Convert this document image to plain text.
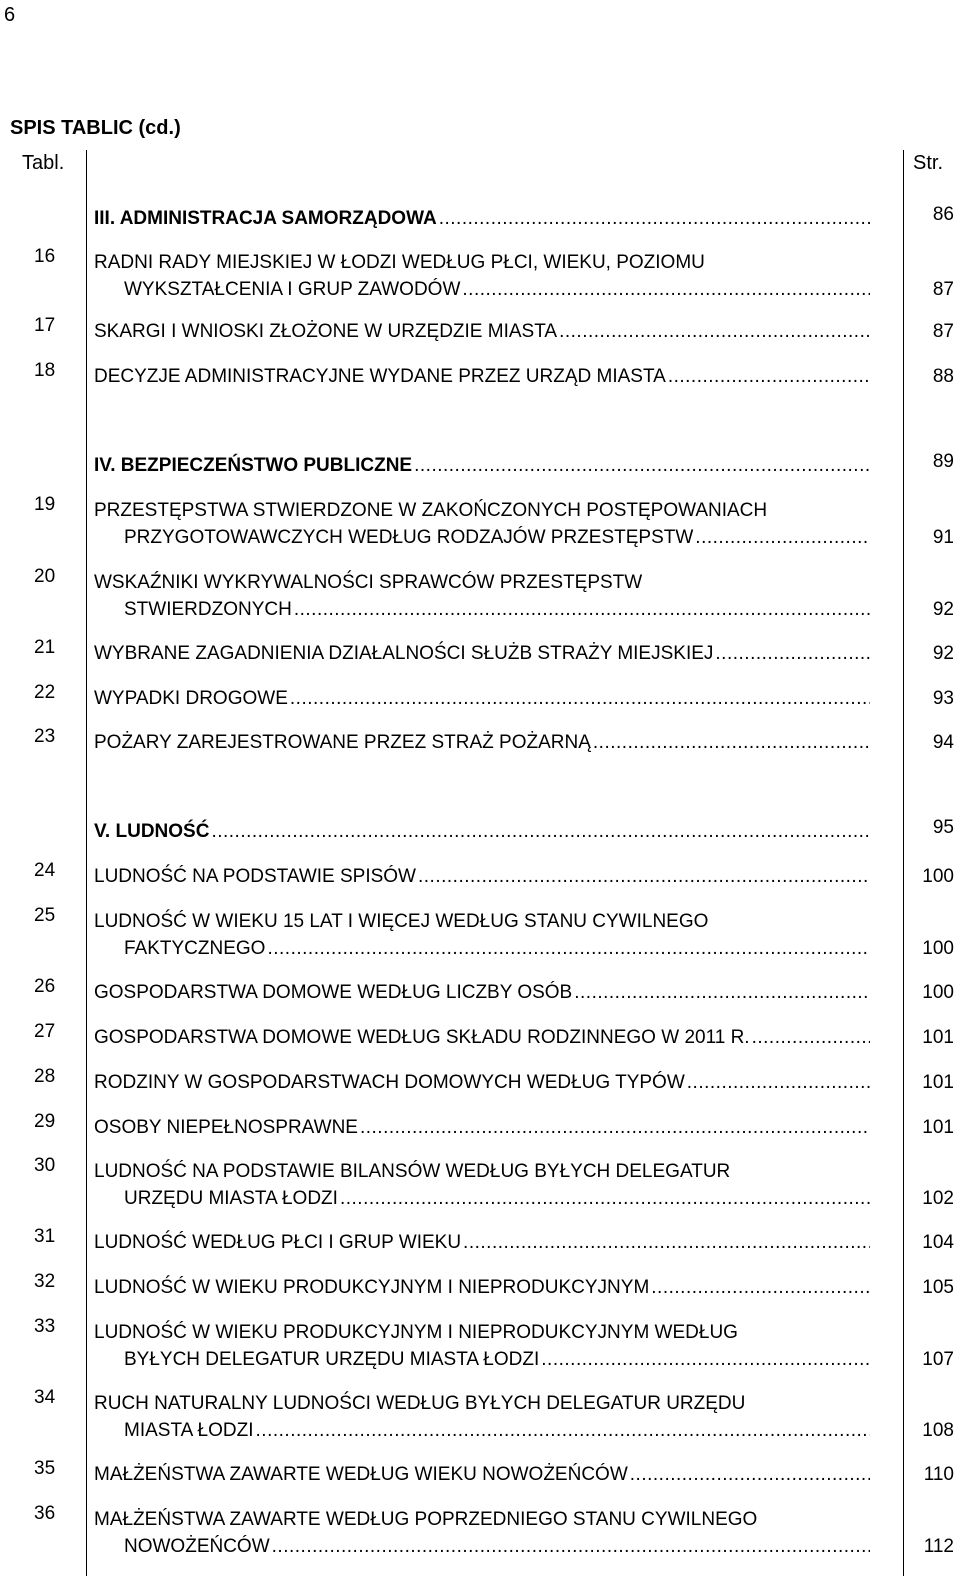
6
SPIS TABLIC (cd.)
Tabl.	Str.
III. ADMINISTRACJA SAMORZĄDOWA .....	86
16 RADNI RADY MIEJSKIEJ W ŁODZI WEDŁUG PŁCI, WIEKU, POZIOMU
WYKSZTAŁCENIA I GRUP ZAWODÓW .....	87
17 SKARGI I WNIOSKI ZŁOŻONE W URZĘDZIE MIASTA .....	87
18 DECYZJE ADMINISTRACYJNE WYDANE PRZEZ URZĄD MIASTA .....	88
IV. BEZPIECZEŃSTWO PUBLICZNE .....	89
19 PRZESTĘPSTWA STWIERDZONE W ZAKOŃCZONYCH POSTĘPOWANIACH
PRZYGOTOWAWCZYCH WEDŁUG RODZAJÓW PRZESTĘPSTW .....	91
20 WSKAŹNIKI WYKRYWALNOŚCI SPRAWCÓW PRZESTĘPSTW
STWIERDZONYCH .....	92
21 WYBRANE ZAGADNIENIA DZIAŁALNOŚCI SŁUŻB STRAŻY MIEJSKIEJ .....	92
22 WYPADKI DROGOWE .....	93
23 POŻARY ZAREJESTROWANE PRZEZ STRAŻ POŻARNĄ .....	94
V. LUDNOŚĆ .....	95
24 LUDNOŚĆ NA PODSTAWIE SPISÓW .....	100
25 LUDNOŚĆ W WIEKU 15 LAT I WIĘCEJ WEDŁUG STANU CYWILNEGO
FAKTYCZNEGO .....	100
26 GOSPODARSTWA DOMOWE WEDŁUG LICZBY OSÓB .....	100
27 GOSPODARSTWA DOMOWE WEDŁUG SKŁADU RODZINNEGO W 2011 R. .....	101
28 RODZINY W GOSPODARSTWACH DOMOWYCH WEDŁUG TYPÓW .....	101
29 OSOBY NIEPEŁNOSPRAWNE .....	101
30 LUDNOŚĆ NA PODSTAWIE BILANSÓW WEDŁUG BYŁYCH DELEGATUR
URZĘDU MIASTA ŁODZI .....	102
31 LUDNOŚĆ WEDŁUG PŁCI I GRUP WIEKU .....	104
32 LUDNOŚĆ W WIEKU PRODUKCYJNYM I NIEPRODUKCYJNYM .....	105
33 LUDNOŚĆ W WIEKU PRODUKCYJNYM I NIEPRODUKCYJNYM WEDŁUG
BYŁYCH DELEGATUR URZĘDU MIASTA ŁODZI .....	107
34 RUCH NATURALNY LUDNOŚCI WEDŁUG BYŁYCH DELEGATUR URZĘDU
MIASTA ŁODZI .....	108
35 MAŁŻEŃSTWA ZAWARTE WEDŁUG WIEKU NOWOŻEŃCÓW .....	110
36 MAŁŻEŃSTWA ZAWARTE WEDŁUG POPRZEDNIEGO STANU CYWILNEGO
NOWOŻEŃCÓW .....	112
